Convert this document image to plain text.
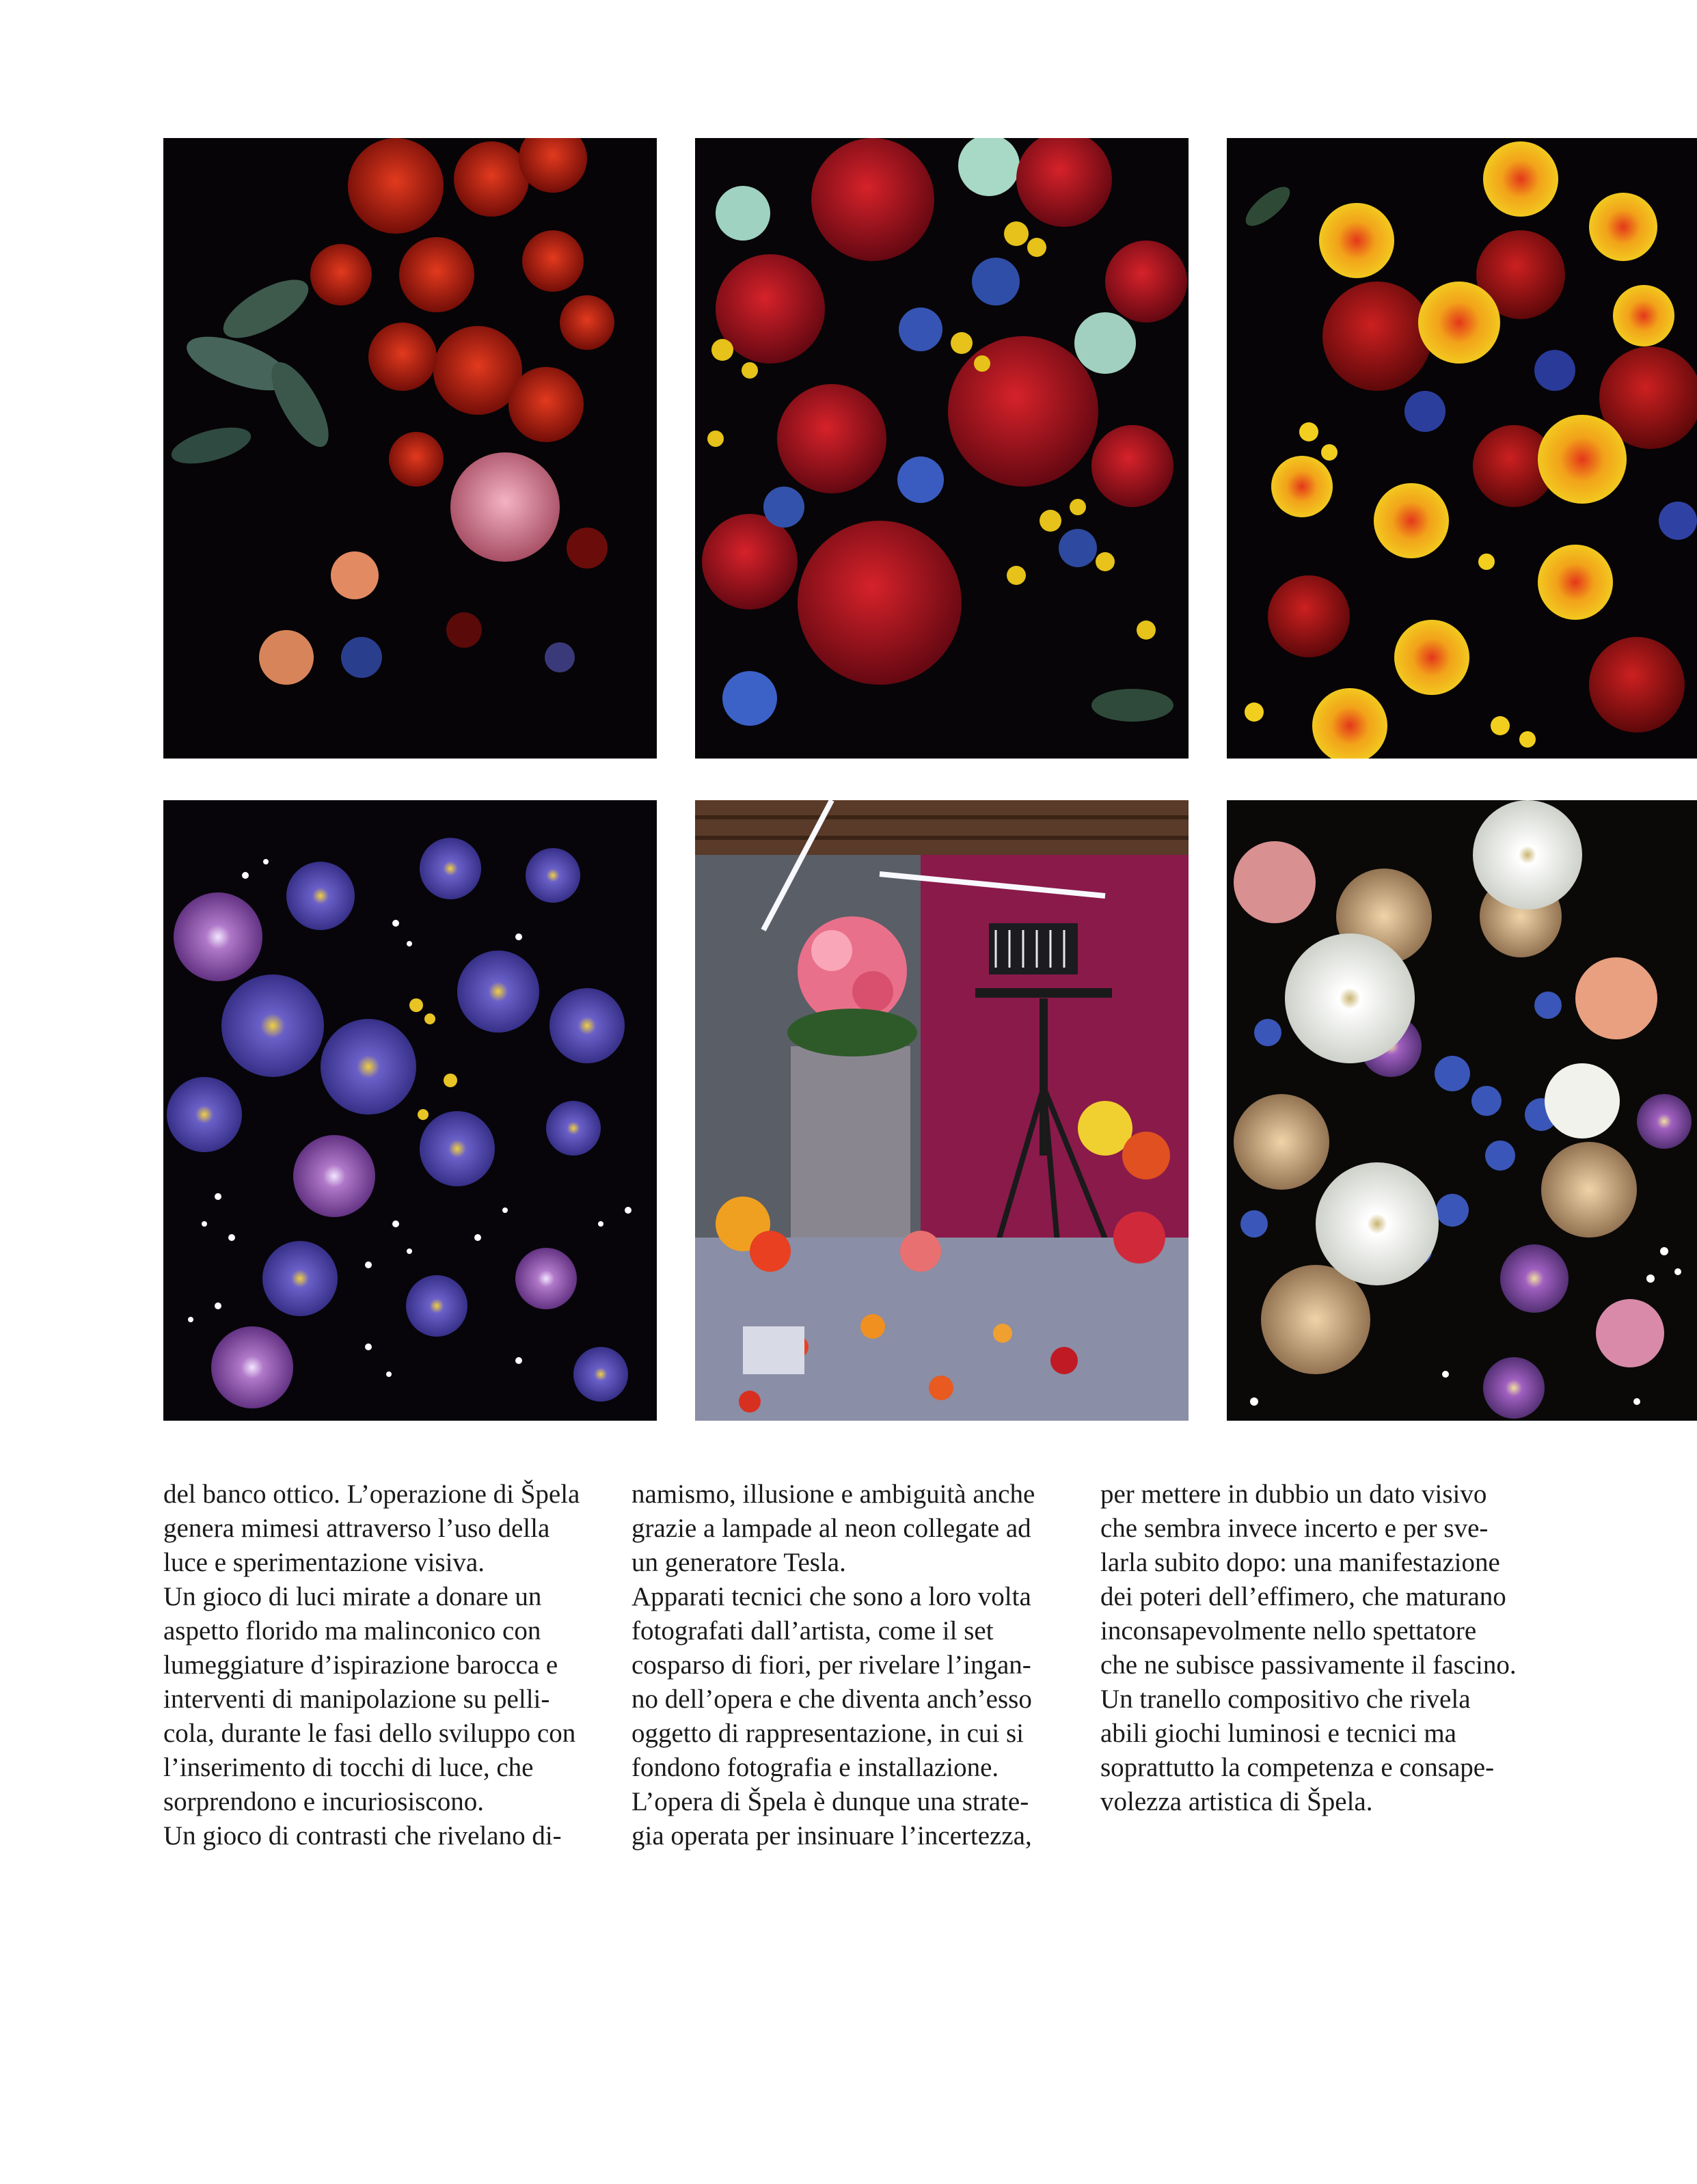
del banco ottico. L’operazione di Špela
genera mimesi attraverso l’uso della
luce e sperimentazione visiva.
Un gioco di luci mirate a donare un
aspetto florido ma malinconico con
lumeggiature d’ispirazione barocca e
interventi di manipolazione su pelli-
cola, durante le fasi dello sviluppo con
l’inserimento di tocchi di luce, che
sorprendono e incuriosiscono.
Un gioco di contrasti che rivelano di-
namismo, illusione e ambiguità anche
grazie a lampade al neon collegate ad
un generatore Tesla.
Apparati tecnici che sono a loro volta
fotografati dall’artista, come il set
cosparso di fiori, per rivelare l’ingan-
no dell’opera e che diventa anch’esso
oggetto di rappresentazione, in cui si
fondono fotografia e installazione.
L’opera di Špela è dunque una strate-
gia operata per insinuare l’incertezza,
per mettere in dubbio un dato visivo
che sembra invece incerto e per sve-
larla subito dopo: una manifestazione
dei poteri dell’effimero, che maturano
inconsapevolmente nello spettatore
che ne subisce passivamente il fascino.
Un tranello compositivo che rivela
abili giochi luminosi e tecnici ma
soprattutto la competenza e consape-
volezza artistica di Špela.
